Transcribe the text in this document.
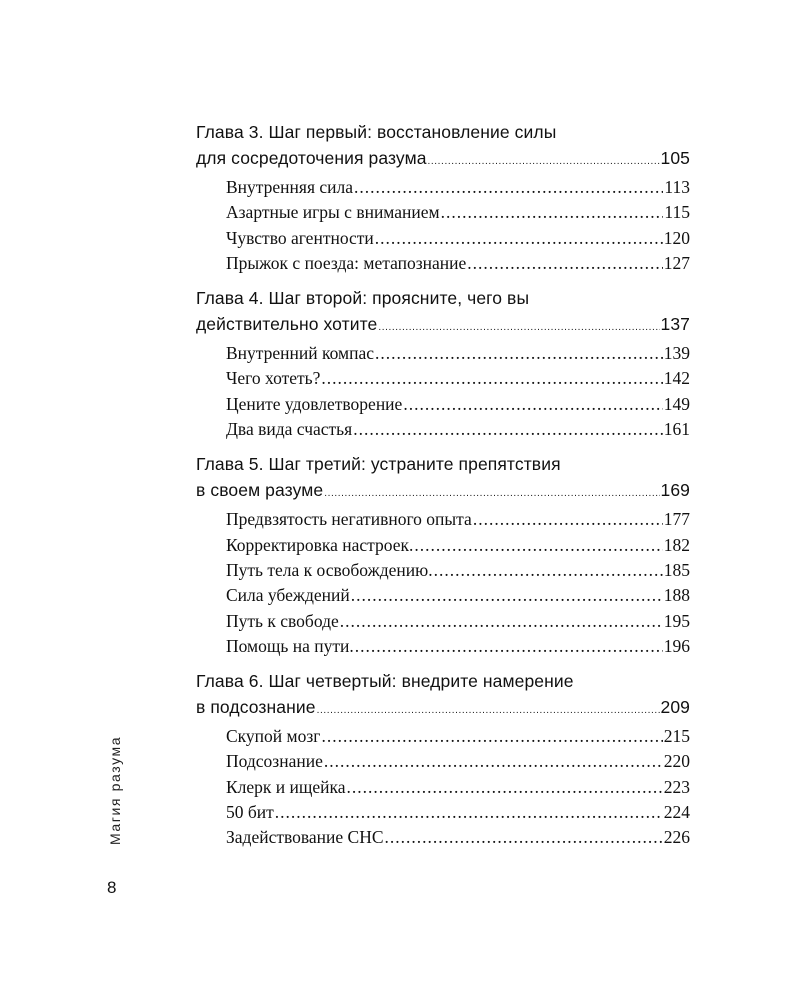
Глава 3. Шаг первый: восстановление силы
для сосредоточения разума .....	105
Внутренняя сила .....	113
Азартные игры с вниманием .....	115
Чувство агентности .....	120
Прыжок с поезда: метапознание .....	127
Глава 4. Шаг второй: проясните, чего вы
действительно хотите .....	137
Внутренний компас .....	139
Чего хотеть? .....	142
Цените удовлетворение .....	149
Два вида счастья .....	161
Глава 5. Шаг третий: устраните препятствия
в своем разуме .....	169
Предвзятость негативного опыта .....	177
Корректировка настроек. .....	182
Путь тела к освобождению. .....	185
Сила убеждений .....	188
Путь к свободе .....	195
Помощь на пути. .....	196
Глава 6. Шаг четвертый: внедрите намерение
в подсознание .....	209
Скупой мозг .....	215
Подсознание .....	220
Клерк и ищейка .....	223
50 бит .....	224
Задействование СНС .....	226
Магия разума
8
